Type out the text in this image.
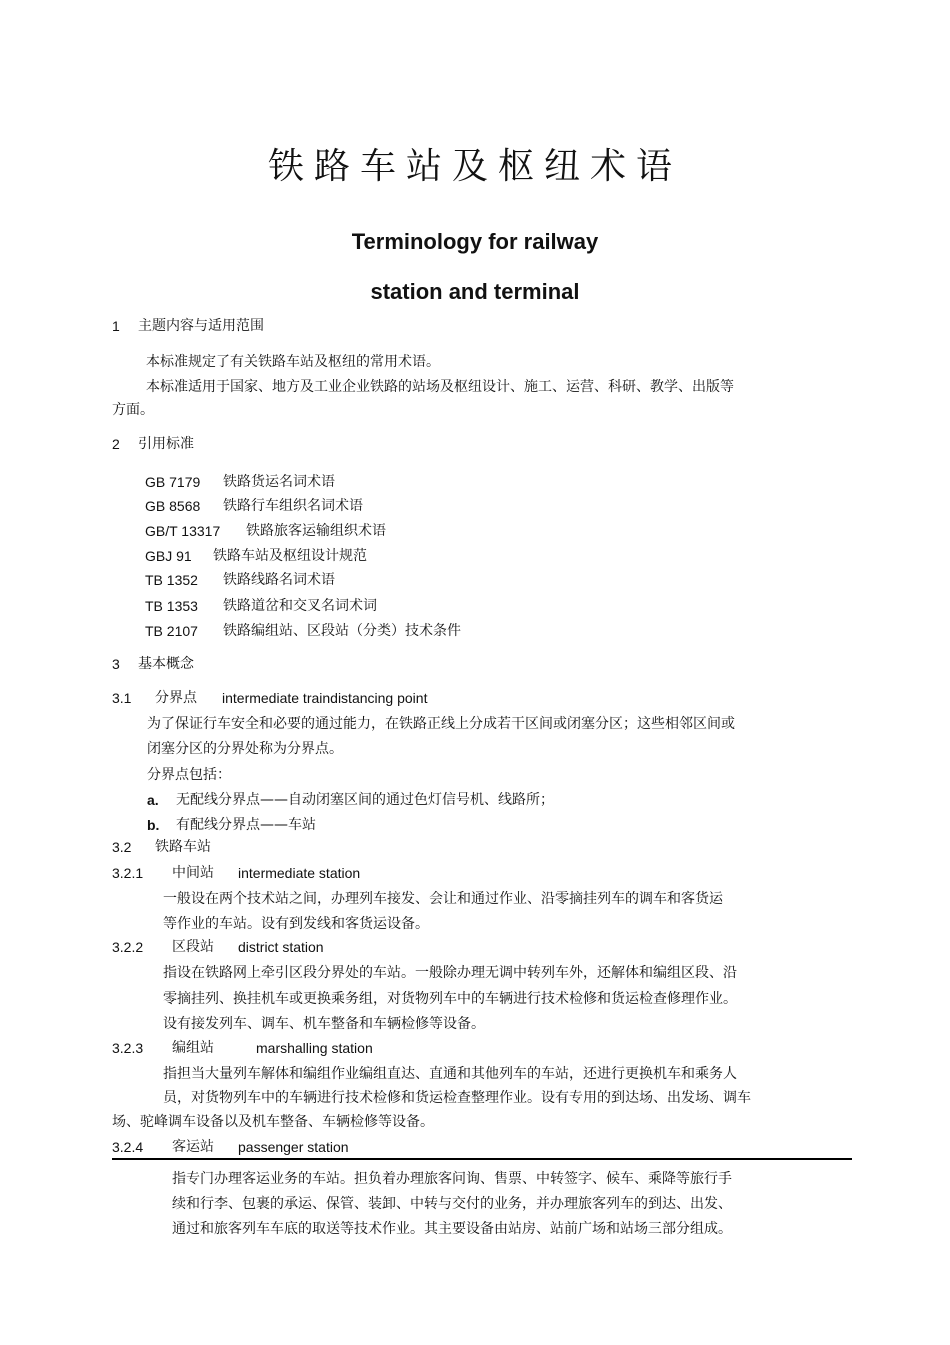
铁路车站及枢纽术语
Terminology for railway
station and terminal
1 主题内容与适用范围
本标准规定了有关铁路车站及枢纽的常用术语。
本标准适用于国家、地方及工业企业铁路的站场及枢纽设计、施工、运营、科研、教学、出版等
方面。
2 引用标准
GB 7179 铁路货运名词术语
GB 8568 铁路行车组织名词术语
GB/T 13317 铁路旅客运输组织术语
GBJ 91 铁路车站及枢纽设计规范
TB 1352 铁路线路名词术语
TB 1353 铁路道岔和交叉名词术词
TB 2107 铁路编组站、区段站（分类）技术条件
3 基本概念
3.1 分界点 intermediate traindistancing point
为了保证行车安全和必要的通过能力，在铁路正线上分成若干区间或闭塞分区；这些相邻区间或
闭塞分区的分界处称为分界点。
分界点包括：
a. 无配线分界点——自动闭塞区间的通过色灯信号机、线路所；
b. 有配线分界点——车站
3.2 铁路车站
3.2.1 中间站 intermediate station
一般设在两个技术站之间，办理列车接发、会让和通过作业、沿零摘挂列车的调车和客货运
等作业的车站。设有到发线和客货运设备。
3.2.2 区段站 district station
指设在铁路网上牵引区段分界处的车站。一般除办理无调中转列车外，还解体和编组区段、沿
零摘挂列、换挂机车或更换乘务组，对货物列车中的车辆进行技术检修和货运检查修理作业。
设有接发列车、调车、机车整备和车辆检修等设备。
3.2.3 编组站	marshalling station
指担当大量列车解体和编组作业编组直达、直通和其他列车的车站，还进行更换机车和乘务人
员，对货物列车中的车辆进行技术检修和货运检查整理作业。设有专用的到达场、出发场、调车
场、驼峰调车设备以及机车整备、车辆检修等设备。
3.2.4 客运站 passenger station
指专门办理客运业务的车站。担负着办理旅客问询、售票、中转签字、候车、乘降等旅行手
续和行李、包裹的承运、保管、装卸、中转与交付的业务，并办理旅客列车的到达、出发、
通过和旅客列车车底的取送等技术作业。其主要设备由站房、站前广场和站场三部分组成。
